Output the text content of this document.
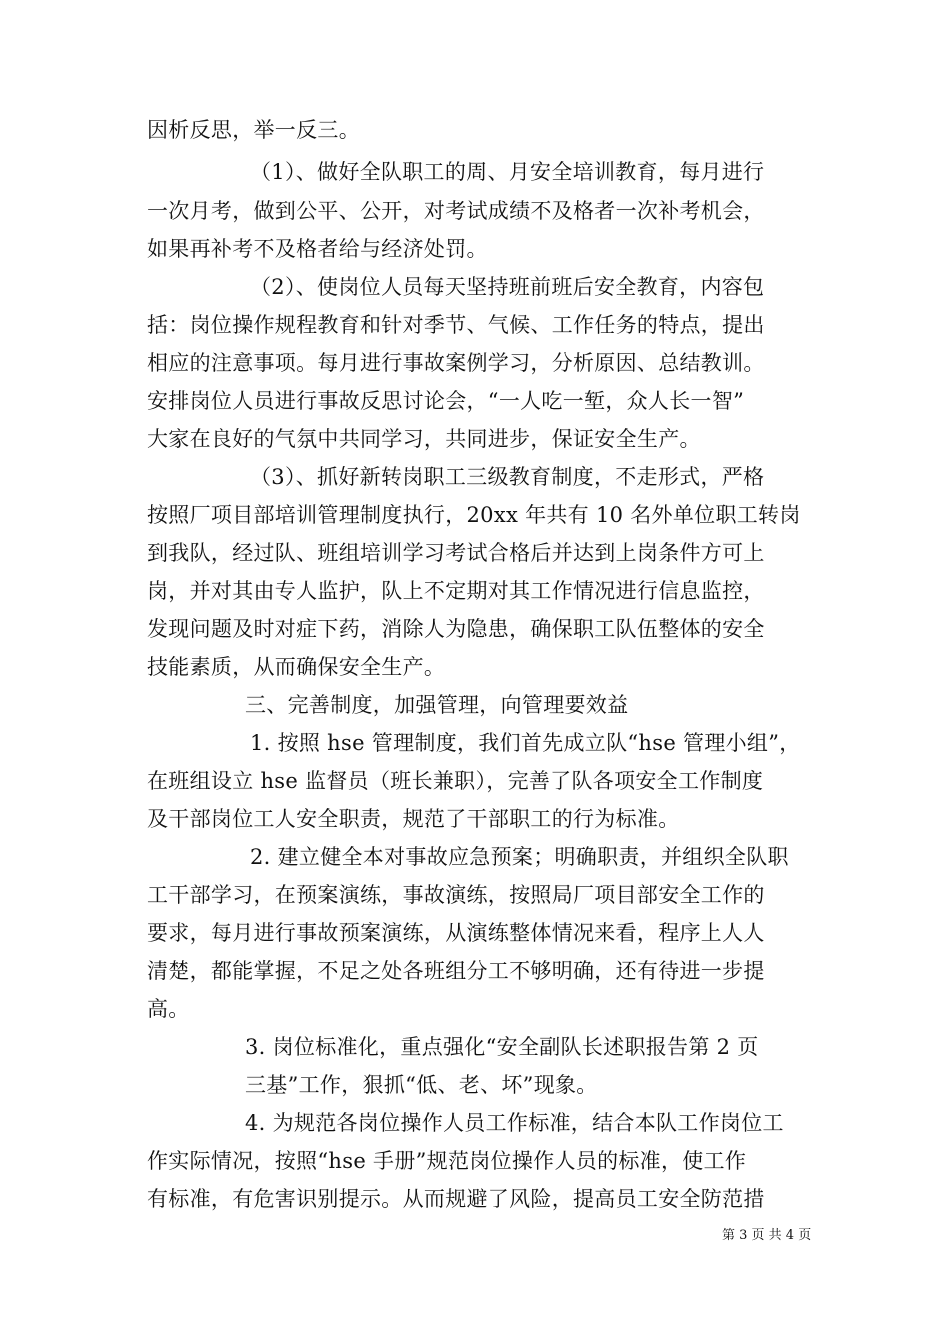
因析反思，举一反三。
（1）、做好全队职工的周、月安全培训教育，每月进行
一次月考，做到公平、公开，对考试成绩不及格者一次补考机会，
如果再补考不及格者给与经济处罚。
（2）、使岗位人员每天坚持班前班后安全教育，内容包
括：岗位操作规程教育和针对季节、气候、工作任务的特点，提出
相应的注意事项。每月进行事故案例学习，分析原因、总结教训。
安排岗位人员进行事故反思讨论会，“一人吃一堑，众人长一智”
大家在良好的气氛中共同学习，共同进步，保证安全生产。
（3）、抓好新转岗职工三级教育制度，不走形式，严格
按照厂项目部培训管理制度执行，20xx 年共有 10 名外单位职工转岗
到我队，经过队、班组培训学习考试合格后并达到上岗条件方可上
岗，并对其由专人监护，队上不定期对其工作情况进行信息监控，
发现问题及时对症下药，消除人为隐患，确保职工队伍整体的安全
技能素质，从而确保安全生产。
三、完善制度，加强管理，向管理要效益
1. 按照 hse 管理制度，我们首先成立队“hse 管理小组”，
在班组设立 hse 监督员（班长兼职），完善了队各项安全工作制度
及干部岗位工人安全职责，规范了干部职工的行为标准。
2. 建立健全本对事故应急预案；明确职责，并组织全队职
工干部学习，在预案演练，事故演练，按照局厂项目部安全工作的
要求，每月进行事故预案演练，从演练整体情况来看，程序上人人
清楚，都能掌握，不足之处各班组分工不够明确，还有待进一步提
高。
3. 岗位标准化，重点强化“安全副队长述职报告第 2 页
三基”工作，狠抓“低、老、坏”现象。
4. 为规范各岗位操作人员工作标准，结合本队工作岗位工
作实际情况，按照“hse 手册”规范岗位操作人员的标准，使工作
有标准，有危害识别提示。从而规避了风险，提高员工安全防范措
第 3 页 共 4 页
